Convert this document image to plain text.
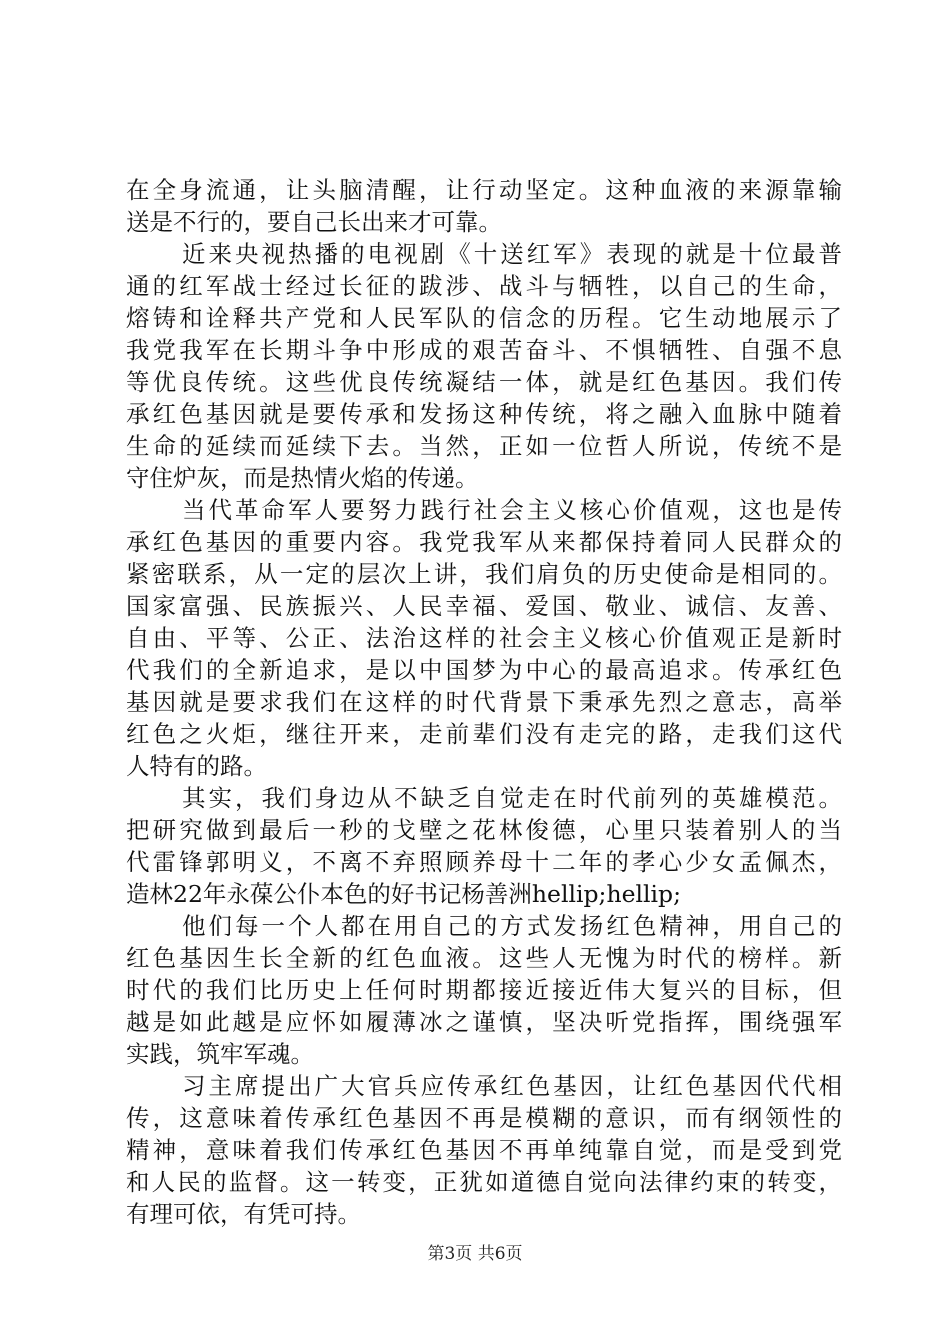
在全身流通，让头脑清醒，让行动坚定。这种血液的来源靠输
送是不行的，要自己长出来才可靠。
近来央视热播的电视剧《十送红军》表现的就是十位最普
通的红军战士经过长征的跋涉、战斗与牺牲，以自己的生命，
熔铸和诠释共产党和人民军队的信念的历程。它生动地展示了
我党我军在长期斗争中形成的艰苦奋斗、不惧牺牲、自强不息
等优良传统。这些优良传统凝结一体，就是红色基因。我们传
承红色基因就是要传承和发扬这种传统，将之融入血脉中随着
生命的延续而延续下去。当然，正如一位哲人所说，传统不是
守住炉灰，而是热情火焰的传递。
当代革命军人要努力践行社会主义核心价值观，这也是传
承红色基因的重要内容。我党我军从来都保持着同人民群众的
紧密联系，从一定的层次上讲，我们肩负的历史使命是相同的。
国家富强、民族振兴、人民幸福、爱国、敬业、诚信、友善、
自由、平等、公正、法治这样的社会主义核心价值观正是新时
代我们的全新追求，是以中国梦为中心的最高追求。传承红色
基因就是要求我们在这样的时代背景下秉承先烈之意志，高举
红色之火炬，继往开来，走前辈们没有走完的路，走我们这代
人特有的路。
其实，我们身边从不缺乏自觉走在时代前列的英雄模范。
把研究做到最后一秒的戈壁之花林俊德，心里只装着别人的当
代雷锋郭明义，不离不弃照顾养母十二年的孝心少女孟佩杰，
造林22年永葆公仆本色的好书记杨善洲hellip;hellip;
他们每一个人都在用自己的方式发扬红色精神，用自己的
红色基因生长全新的红色血液。这些人无愧为时代的榜样。新
时代的我们比历史上任何时期都接近接近伟大复兴的目标，但
越是如此越是应怀如履薄冰之谨慎，坚决听党指挥，围绕强军
实践，筑牢军魂。
习主席提出广大官兵应传承红色基因，让红色基因代代相
传，这意味着传承红色基因不再是模糊的意识，而有纲领性的
精神，意味着我们传承红色基因不再单纯靠自觉，而是受到党
和人民的监督。这一转变，正犹如道德自觉向法律约束的转变，
有理可依，有凭可持。
第3页 共6页
